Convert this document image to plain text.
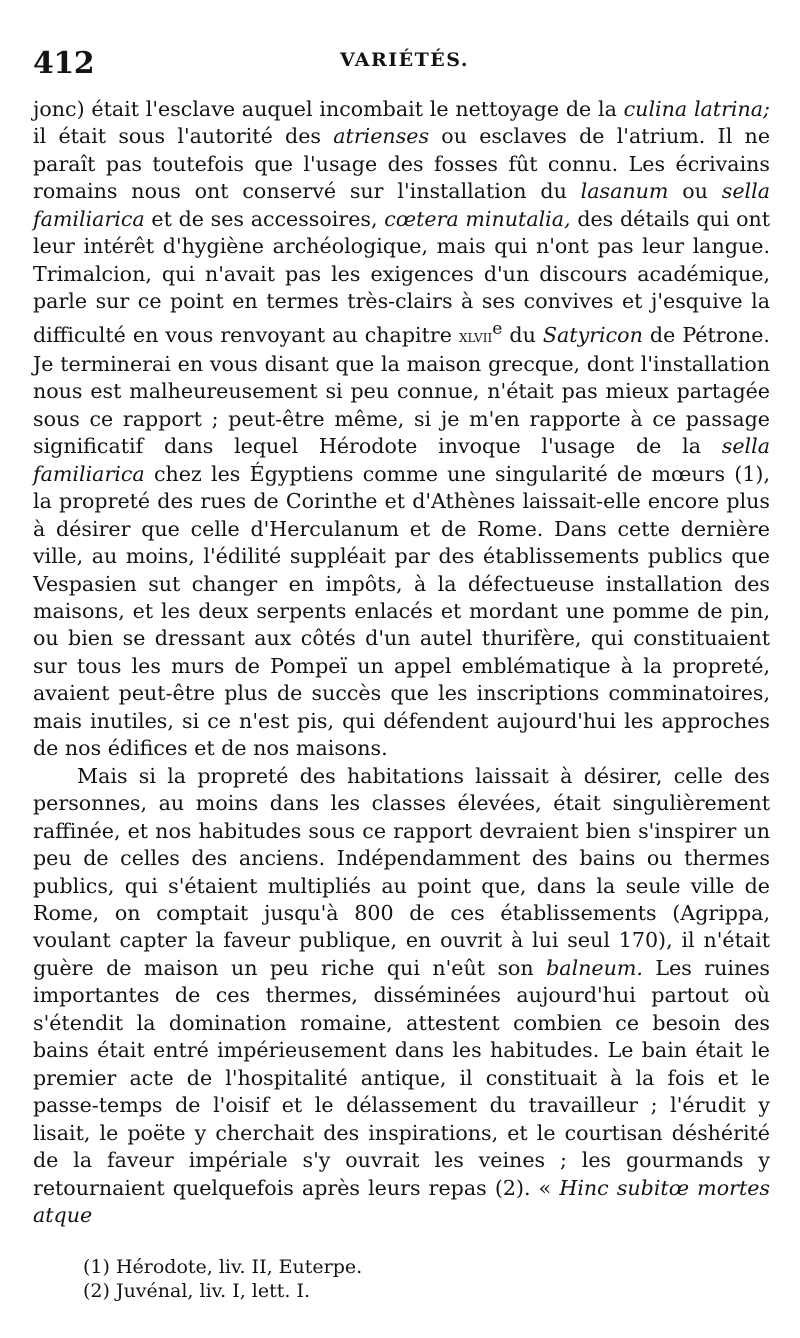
412	VARIÉTÉS.

jonc) était l'esclave auquel incombait le nettoyage de la culina latrina; il était sous l'autorité des atrienses ou esclaves de l'atrium. Il ne paraît pas toutefois que l'usage des fosses fût connu. Les écrivains romains nous ont conservé sur l'installation du lasanum ou sella familiarica et de ses accessoires, cœtera minutalia, des détails qui ont leur intérêt d'hygiène archéologique, mais qui n'ont pas leur langue. Trimalcion, qui n'avait pas les exigences d'un discours académique, parle sur ce point en termes très-clairs à ses convives et j'esquive la difficulté en vous renvoyant au chapitre xlvii$^e$ du Satyricon de Pétrone. Je terminerai en vous disant que la maison grecque, dont l'installation nous est malheureusement si peu connue, n'était pas mieux partagée sous ce rapport ; peut-être même, si je m'en rapporte à ce passage significatif dans lequel Hérodote invoque l'usage de la sella familiarica chez les Égyptiens comme une singularité de mœurs (1), la propreté des rues de Corinthe et d'Athènes laissait-elle encore plus à désirer que celle d'Herculanum et de Rome. Dans cette dernière ville, au moins, l'édilité suppléait par des établissements publics que Vespasien sut changer en impôts, à la défectueuse installation des maisons, et les deux serpents enlacés et mordant une pomme de pin, ou bien se dressant aux côtés d'un autel thurifère, qui constituaient sur tous les murs de Pompeï un appel emblématique à la propreté, avaient peut-être plus de succès que les inscriptions comminatoires, mais inutiles, si ce n'est pis, qui défendent aujourd'hui les approches de nos édifices et de nos maisons.

Mais si la propreté des habitations laissait à désirer, celle des personnes, au moins dans les classes élevées, était singulièrement raffinée, et nos habitudes sous ce rapport devraient bien s'inspirer un peu de celles des anciens. Indépendamment des bains ou thermes publics, qui s'étaient multipliés au point que, dans la seule ville de Rome, on comptait jusqu'à 800 de ces établissements (Agrippa, voulant capter la faveur publique, en ouvrit à lui seul 170), il n'était guère de maison un peu riche qui n'eût son balneum. Les ruines importantes de ces thermes, disséminées aujourd'hui partout où s'étendit la domination romaine, attestent combien ce besoin des bains était entré impérieusement dans les habitudes. Le bain était le premier acte de l'hospitalité antique, il constituait à la fois et le passe-temps de l'oisif et le délassement du travailleur ; l'érudit y lisait, le poëte y cherchait des inspirations, et le courtisan déshérité de la faveur impériale s'y ouvrait les veines ; les gourmands y retournaient quelquefois après leurs repas (2). « Hinc subitœ mortes atque

(1) Hérodote, liv. II, Euterpe.
(2) Juvénal, liv. I, lett. I.
